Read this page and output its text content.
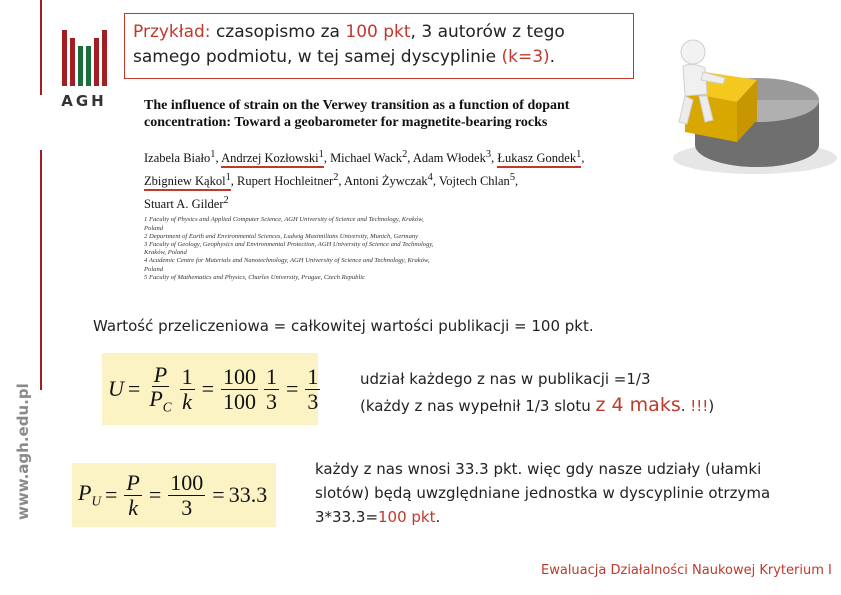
AGH
www.agh.edu.pl
Przykład: czasopismo za 100 pkt, 3 autorów z tego samego podmiotu, w tej samej dyscyplinie (k=3).
The influence of strain on the Verwey transition as a function of dopant concentration: Toward a geobarometer for magnetite-bearing rocks
Izabela Biało$^1$, Andrzej Kozłowski$^1$, Michael Wack$^2$, Adam Włodek$^3$, Łukasz Gondek$^1$,
Zbigniew Kąkol$^1$, Rupert Hochleitner$^2$, Antoni Żywczak$^4$, Vojtech Chlan$^5$,
Stuart A. Gilder$^2$
1 Faculty of Physics and Applied Computer Science, AGH University of Science and Technology, Kraków, Poland
2 Department of Earth and Environmental Sciences, Ludwig Maximilians University, Munich, Germany
3 Faculty of Geology, Geophysics and Environmental Protection, AGH University of Science and Technology, Kraków, Poland
4 Academic Centre for Materials and Nanotechnology, AGH University of Science and Technology, Kraków, Poland
5 Faculty of Mathematics and Physics, Charles University, Prague, Czech Republic
Wartość przeliczeniowa = całkowitej wartości publikacji = 100 pkt.
$U = \frac{P}{P_C} \frac{1}{k} = \frac{100}{100} \frac{1}{3} = \frac{1}{3}$	udział każdego z nas w publikacji =1/3
(każdy z nas wypełnił 1/3 slotu z 4 maks. !!!)
$P_U = \frac{P}{k} = \frac{100}{3} = 33.3$
każdy z nas wnosi 33.3 pkt. więc gdy nasze udziały (ułamki slotów) będą uwzględniane jednostka w dyscyplinie otrzyma 3*33.3=100 pkt.
Ewaluacja Działalności Naukowej Kryterium I
